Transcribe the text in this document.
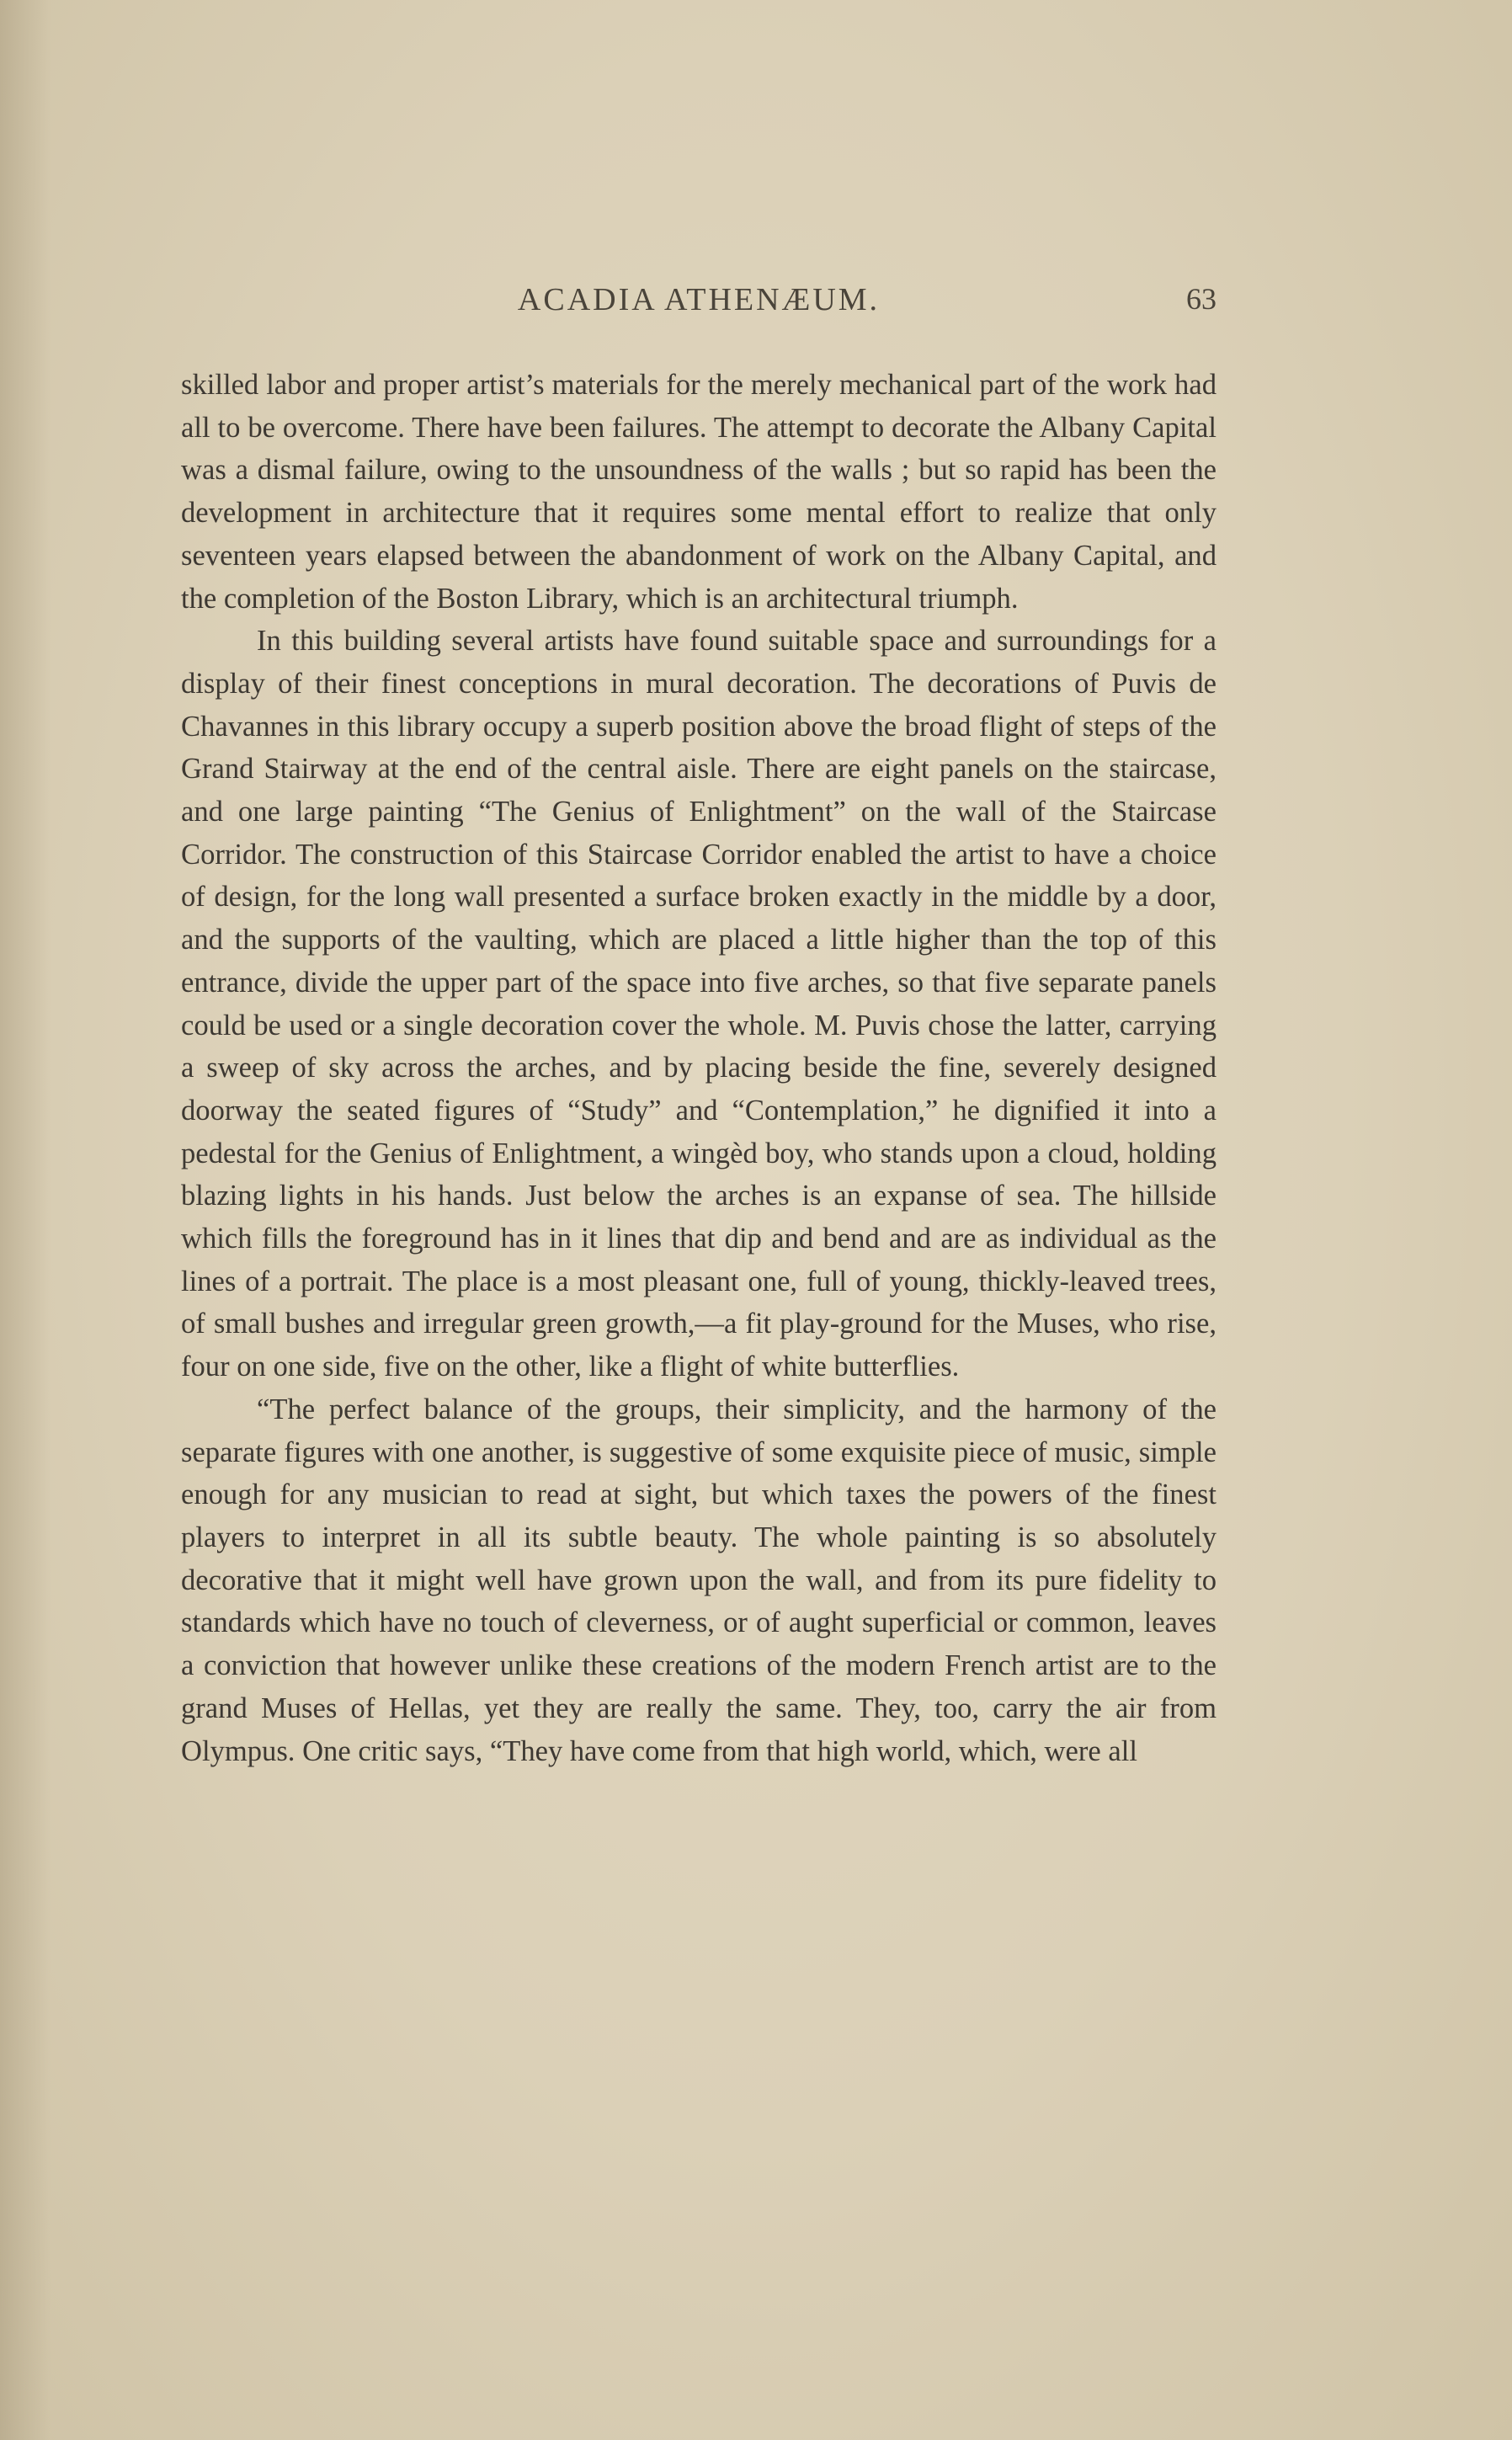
ACADIA ATHENÆUM.	63

skilled labor and proper artist’s materials for the merely mechanical part of the work had all to be overcome. There have been failures. The attempt to decorate the Albany Capital was a dismal failure, owing to the unsoundness of the walls ; but so rapid has been the development in architecture that it requires some mental effort to realize that only seventeen years elapsed between the abandonment of work on the Albany Capital, and the completion of the Boston Library, which is an architectural triumph.

In this building several artists have found suitable space and surroundings for a display of their finest conceptions in mural decoration. The decorations of Puvis de Chavannes in this library occupy a superb position above the broad flight of steps of the Grand Stairway at the end of the central aisle. There are eight panels on the staircase, and one large painting “The Genius of Enlightment” on the wall of the Staircase Corridor. The construction of this Staircase Corridor enabled the artist to have a choice of design, for the long wall presented a surface broken exactly in the middle by a door, and the supports of the vaulting, which are placed a little higher than the top of this entrance, divide the upper part of the space into five arches, so that five separate panels could be used or a single decoration cover the whole. M. Puvis chose the latter, carrying a sweep of sky across the arches, and by placing beside the fine, severely designed doorway the seated figures of “Study” and “Contemplation,” he dignified it into a pedestal for the Genius of Enlightment, a wingèd boy, who stands upon a cloud, holding blazing lights in his hands. Just below the arches is an expanse of sea. The hillside which fills the foreground has in it lines that dip and bend and are as individual as the lines of a portrait. The place is a most pleasant one, full of young, thickly-leaved trees, of small bushes and irregular green growth,—a fit play-ground for the Muses, who rise, four on one side, five on the other, like a flight of white butterflies.

“The perfect balance of the groups, their simplicity, and the harmony of the separate figures with one another, is suggestive of some exquisite piece of music, simple enough for any musician to read at sight, but which taxes the powers of the finest players to interpret in all its subtle beauty. The whole painting is so absolutely decorative that it might well have grown upon the wall, and from its pure fidelity to standards which have no touch of cleverness, or of aught superficial or common, leaves a conviction that however unlike these creations of the modern French artist are to the grand Muses of Hellas, yet they are really the same. They, too, carry the air from Olympus. One critic says, “They have come from that high world, which, were all
